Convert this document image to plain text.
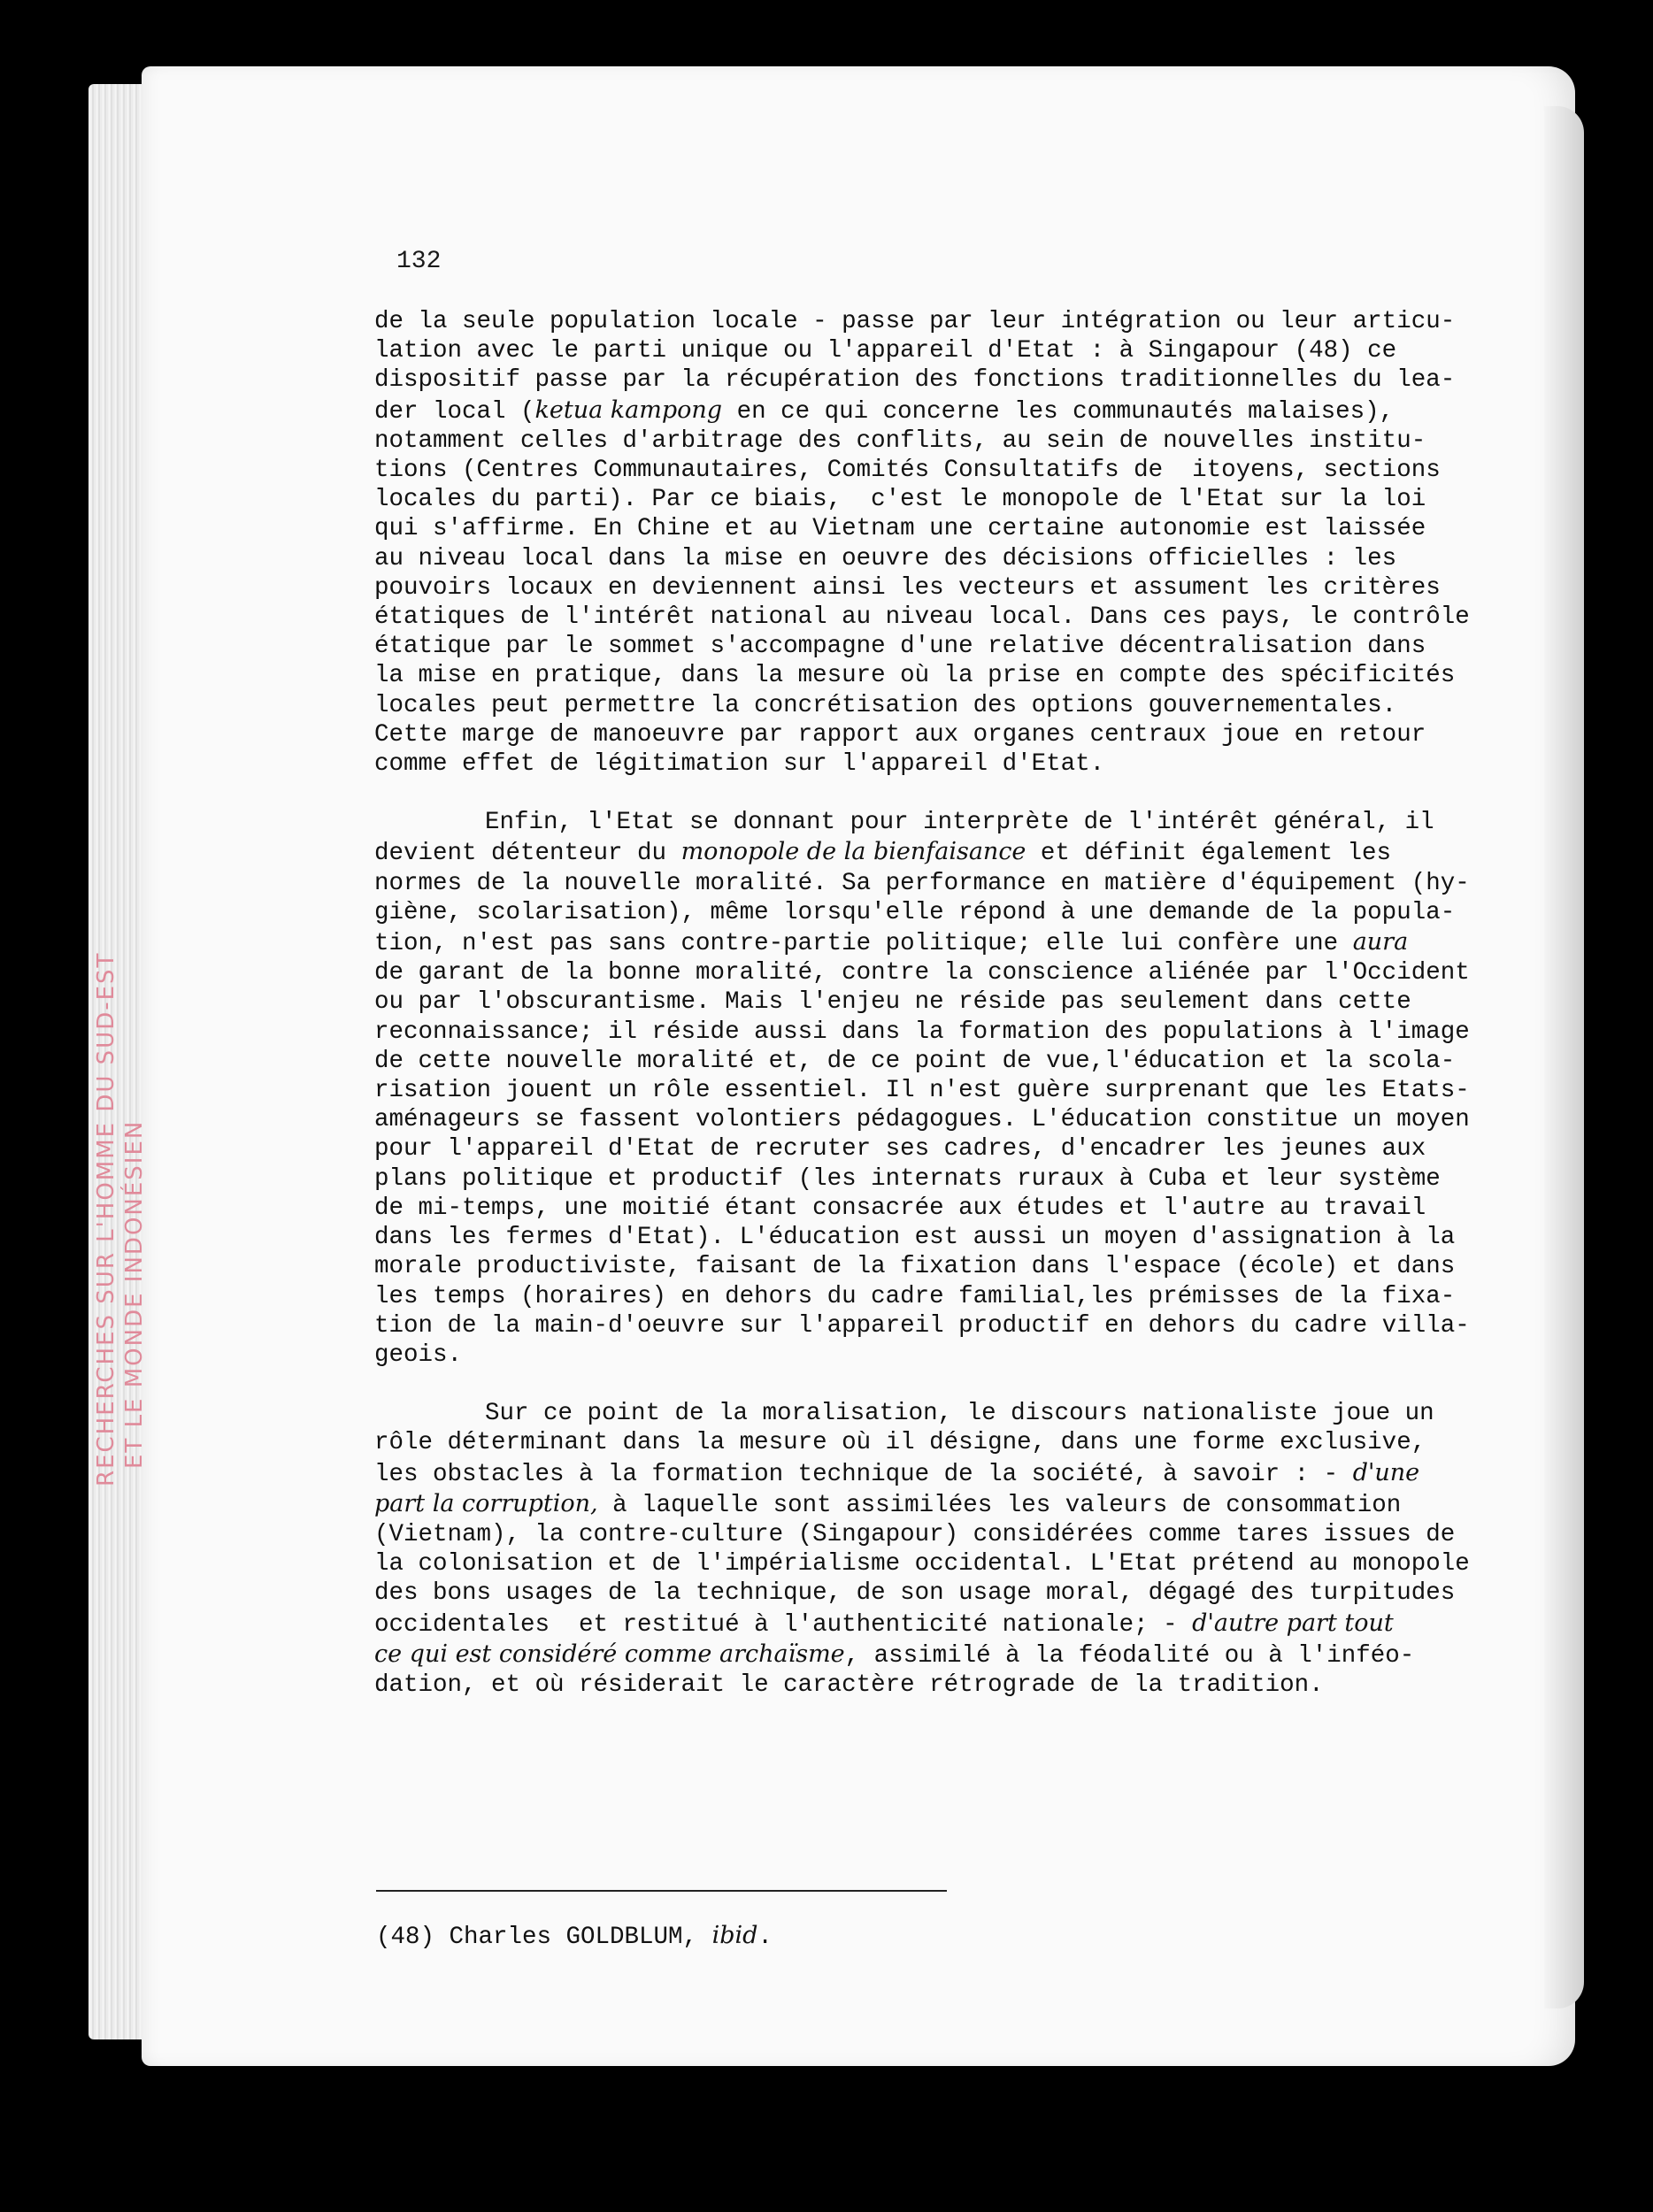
RECHERCHES SUR L'HOMME DU SUD-EST ET LE MONDE INDONÉSIEN
132
de la seule population locale - passe par leur intégration ou leur articu-
lation avec le parti unique ou l'appareil d'Etat : à Singapour (48) ce
dispositif passe par la récupération des fonctions traditionnelles du lea-
der local (ketua kampong en ce qui concerne les communautés malaises),
notamment celles d'arbitrage des conflits, au sein de nouvelles institu-
tions (Centres Communautaires, Comités Consultatifs de  itoyens, sections
locales du parti). Par ce biais,  c'est le monopole de l'Etat sur la loi
qui s'affirme. En Chine et au Vietnam une certaine autonomie est laissée
au niveau local dans la mise en oeuvre des décisions officielles : les
pouvoirs locaux en deviennent ainsi les vecteurs et assument les critères
étatiques de l'intérêt national au niveau local. Dans ces pays, le contrôle
étatique par le sommet s'accompagne d'une relative décentralisation dans
la mise en pratique, dans la mesure où la prise en compte des spécificités
locales peut permettre la concrétisation des options gouvernementales.
Cette marge de manoeuvre par rapport aux organes centraux joue en retour
comme effet de légitimation sur l'appareil d'Etat.
Enfin, l'Etat se donnant pour interprète de l'intérêt général, il
devient détenteur du monopole de la bienfaisance et définit également les
normes de la nouvelle moralité. Sa performance en matière d'équipement (hy-
giène, scolarisation), même lorsqu'elle répond à une demande de la popula-
tion, n'est pas sans contre-partie politique; elle lui confère une aura
de garant de la bonne moralité, contre la conscience aliénée par l'Occident
ou par l'obscurantisme. Mais l'enjeu ne réside pas seulement dans cette
reconnaissance; il réside aussi dans la formation des populations à l'image
de cette nouvelle moralité et, de ce point de vue,l'éducation et la scola-
risation jouent un rôle essentiel. Il n'est guère surprenant que les Etats-
aménageurs se fassent volontiers pédagogues. L'éducation constitue un moyen
pour l'appareil d'Etat de recruter ses cadres, d'encadrer les jeunes aux
plans politique et productif (les internats ruraux à Cuba et leur système
de mi-temps, une moitié étant consacrée aux études et l'autre au travail
dans les fermes d'Etat). L'éducation est aussi un moyen d'assignation à la
morale productiviste, faisant de la fixation dans l'espace (école) et dans
les temps (horaires) en dehors du cadre familial,les prémisses de la fixa-
tion de la main-d'oeuvre sur l'appareil productif en dehors du cadre villa-
geois.
Sur ce point de la moralisation, le discours nationaliste joue un
rôle déterminant dans la mesure où il désigne, dans une forme exclusive,
les obstacles à la formation technique de la société, à savoir : - d'une
part la corruption, à laquelle sont assimilées les valeurs de consommation
(Vietnam), la contre-culture (Singapour) considérées comme tares issues de
la colonisation et de l'impérialisme occidental. L'Etat prétend au monopole
des bons usages de la technique, de son usage moral, dégagé des turpitudes
occidentales  et restitué à l'authenticité nationale; - d'autre part tout
ce qui est considéré comme archaïsme, assimilé à la féodalité ou à l'inféo-
dation, et où résiderait le caractère rétrograde de la tradition.
(48) Charles GOLDBLUM, ibid.
